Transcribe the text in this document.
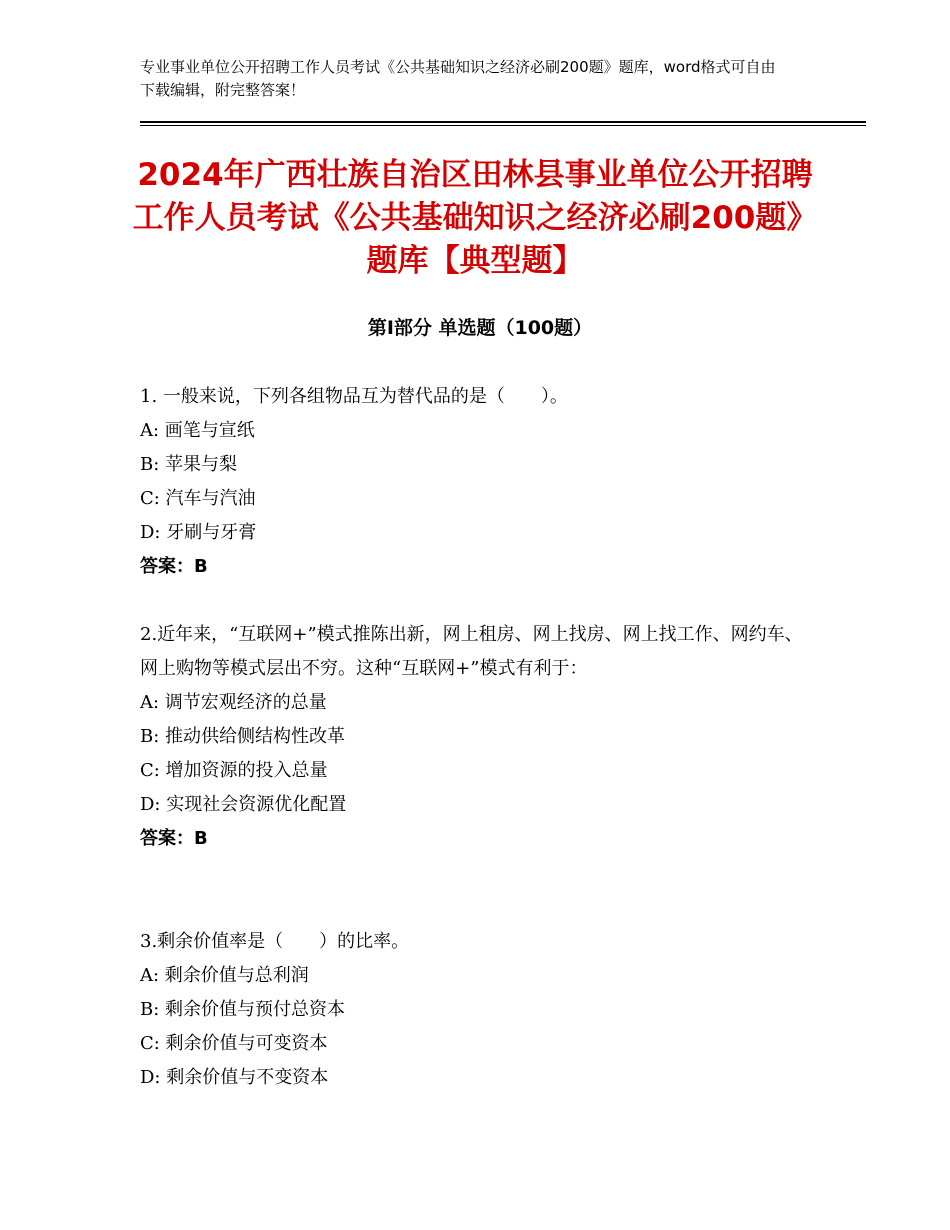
专业事业单位公开招聘工作人员考试《公共基础知识之经济必刷200题》题库，word格式可自由下载编辑，附完整答案！
2024年广西壮族自治区田林县事业单位公开招聘工作人员考试《公共基础知识之经济必刷200题》题库【典型题】
第Ⅰ部分 单选题（100题）
1. 一般来说，下列各组物品互为替代品的是（　　）。
A: 画笔与宣纸
B: 苹果与梨
C: 汽车与汽油
D: 牙刷与牙膏
答案：B
2.近年来，“互联网+”模式推陈出新，网上租房、网上找房、网上找工作、网约车、网上购物等模式层出不穷。这种“互联网+”模式有利于：
A: 调节宏观经济的总量
B: 推动供给侧结构性改革
C: 增加资源的投入总量
D: 实现社会资源优化配置
答案：B
3.剩余价值率是（　　）的比率。
A: 剩余价值与总利润
B: 剩余价值与预付总资本
C: 剩余价值与可变资本
D: 剩余价值与不变资本
